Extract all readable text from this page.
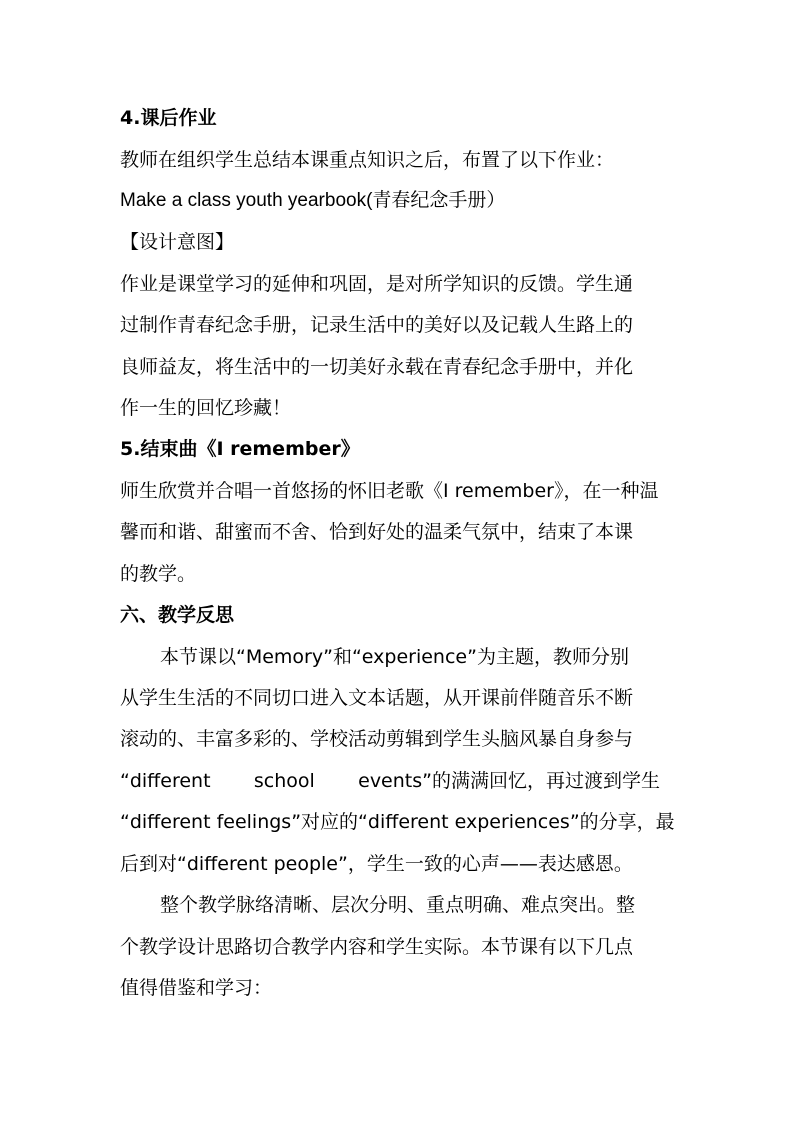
4.课后作业
教师在组织学生总结本课重点知识之后，布置了以下作业：
Make a class youth yearbook(青春纪念手册）
【设计意图】
作业是课堂学习的延伸和巩固，是对所学知识的反馈。学生通
过制作青春纪念手册，记录生活中的美好以及记载人生路上的
良师益友，将生活中的一切美好永载在青春纪念手册中，并化
作一生的回忆珍藏！
5.结束曲《I remember》
师生欣赏并合唱一首悠扬的怀旧老歌《I remember》，在一种温
馨而和谐、甜蜜而不舍、恰到好处的温柔气氛中，结束了本课
的教学。
六、教学反思
本节课以“Memory”和“experience”为主题，教师分别
从学生生活的不同切口进入文本话题，从开课前伴随音乐不断
滚动的、丰富多彩的、学校活动剪辑到学生头脑风暴自身参与
“different school events”的满满回忆，再过渡到学生
“different feelings”对应的“different experiences”的分享，最
后到对“different people”，学生一致的心声——表达感恩。
整个教学脉络清晰、层次分明、重点明确、难点突出。整
个教学设计思路切合教学内容和学生实际。本节课有以下几点
值得借鉴和学习：
